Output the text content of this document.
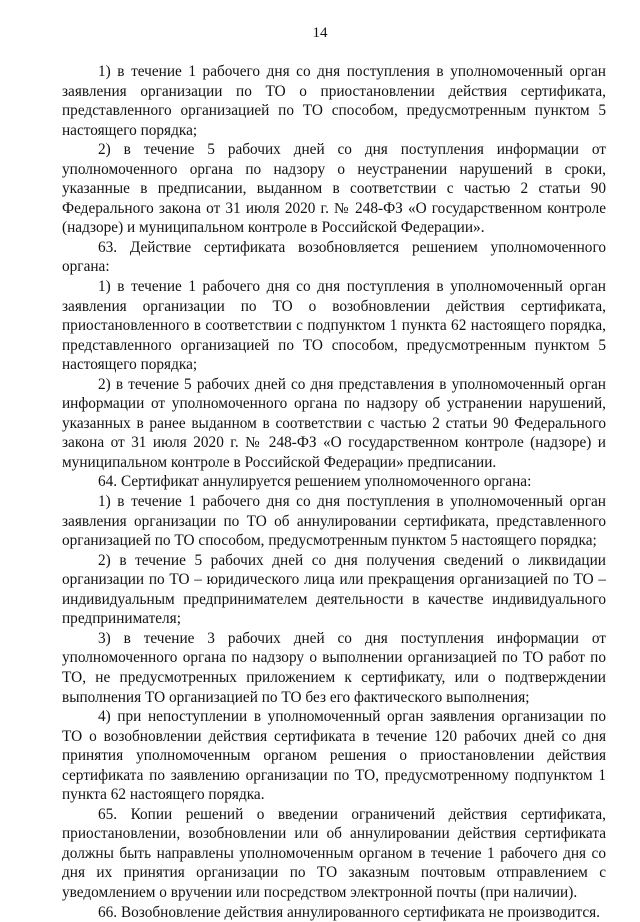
14

1) в течение 1 рабочего дня со дня поступления в уполномоченный орган заявления организации по ТО о приостановлении действия сертификата, представленного организацией по ТО способом, предусмотренным пунктом 5 настоящего порядка;

2) в течение 5 рабочих дней со дня поступления информации от уполномоченного органа по надзору о неустранении нарушений в сроки, указанные в предписании, выданном в соответствии с частью 2 статьи 90 Федерального закона от 31 июля 2020 г. № 248-ФЗ «О государственном контроле (надзоре) и муниципальном контроле в Российской Федерации».

63. Действие сертификата возобновляется решением уполномоченного органа:

1) в течение 1 рабочего дня со дня поступления в уполномоченный орган заявления организации по ТО о возобновлении действия сертификата, приостановленного в соответствии с подпунктом 1 пункта 62 настоящего порядка, представленного организацией по ТО способом, предусмотренным пунктом 5 настоящего порядка;

2) в течение 5 рабочих дней со дня представления в уполномоченный орган информации от уполномоченного органа по надзору об устранении нарушений, указанных в ранее выданном в соответствии с частью 2 статьи 90 Федерального закона от 31 июля 2020 г. № 248-ФЗ «О государственном контроле (надзоре) и муниципальном контроле в Российской Федерации» предписании.

64. Сертификат аннулируется решением уполномоченного органа:

1) в течение 1 рабочего дня со дня поступления в уполномоченный орган заявления организации по ТО об аннулировании сертификата, представленного организацией по ТО способом, предусмотренным пунктом 5 настоящего порядка;

2) в течение 5 рабочих дней со дня получения сведений о ликвидации организации по ТО – юридического лица или прекращения организацией по ТО – индивидуальным предпринимателем деятельности в качестве индивидуального предпринимателя;

3) в течение 3 рабочих дней со дня поступления информации от уполномоченного органа по надзору о выполнении организацией по ТО работ по ТО, не предусмотренных приложением к сертификату, или о подтверждении выполнения ТО организацией по ТО без его фактического выполнения;

4) при непоступлении в уполномоченный орган заявления организации по ТО о возобновлении действия сертификата в течение 120 рабочих дней со дня принятия уполномоченным органом решения о приостановлении действия сертификата по заявлению организации по ТО, предусмотренному подпунктом 1 пункта 62 настоящего порядка.

65. Копии решений о введении ограничений действия сертификата, приостановлении, возобновлении или об аннулировании действия сертификата должны быть направлены уполномоченным органом в течение 1 рабочего дня со дня их принятия организации по ТО заказным почтовым отправлением с уведомлением о вручении или посредством электронной почты (при наличии).

66. Возобновление действия аннулированного сертификата не производится.
